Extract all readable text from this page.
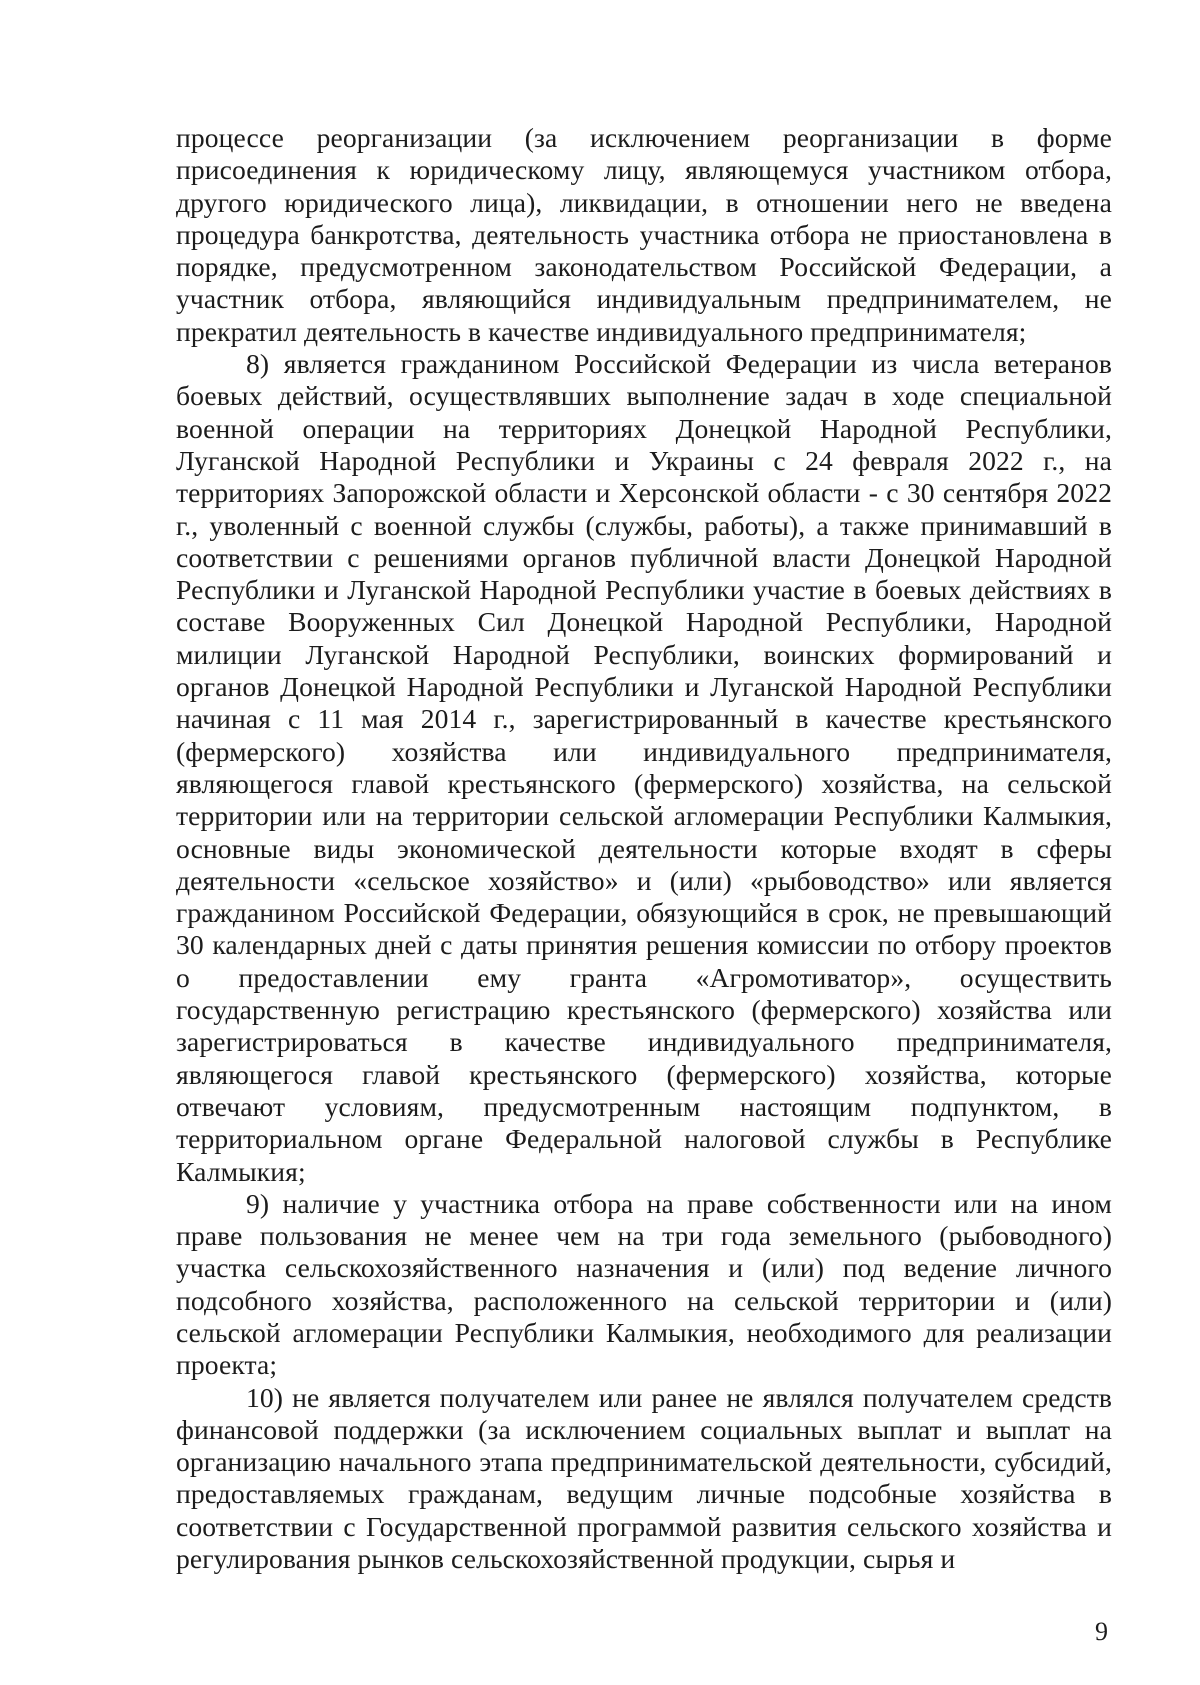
процессе реорганизации (за исключением реорганизации в форме присоединения к юридическому лицу, являющемуся участником отбора, другого юридического лица), ликвидации, в отношении него не введена процедура банкротства, деятельность участника отбора не приостановлена в порядке, предусмотренном законодательством Российской Федерации, а участник отбора, являющийся индивидуальным предпринимателем, не прекратил деятельность в качестве индивидуального предпринимателя;

8) является гражданином Российской Федерации из числа ветеранов боевых действий, осуществлявших выполнение задач в ходе специальной военной операции на территориях Донецкой Народной Республики, Луганской Народной Республики и Украины с 24 февраля 2022 г., на территориях Запорожской области и Херсонской области - с 30 сентября 2022 г., уволенный с военной службы (службы, работы), а также принимавший в соответствии с решениями органов публичной власти Донецкой Народной Республики и Луганской Народной Республики участие в боевых действиях в составе Вооруженных Сил Донецкой Народной Республики, Народной милиции Луганской Народной Республики, воинских формирований и органов Донецкой Народной Республики и Луганской Народной Республики начиная с 11 мая 2014 г., зарегистрированный в качестве крестьянского (фермерского) хозяйства или индивидуального предпринимателя, являющегося главой крестьянского (фермерского) хозяйства, на сельской территории или на территории сельской агломерации Республики Калмыкия, основные виды экономической деятельности которые входят в сферы деятельности «сельское хозяйство» и (или) «рыбоводство» или является гражданином Российской Федерации, обязующийся в срок, не превышающий 30 календарных дней с даты принятия решения комиссии по отбору проектов о предоставлении ему гранта «Агромотиватор», осуществить государственную регистрацию крестьянского (фермерского) хозяйства или зарегистрироваться в качестве индивидуального предпринимателя, являющегося главой крестьянского (фермерского) хозяйства, которые отвечают условиям, предусмотренным настоящим подпунктом, в территориальном органе Федеральной налоговой службы в Республике Калмыкия;

9) наличие у участника отбора на праве собственности или на ином праве пользования не менее чем на три года земельного (рыбоводного) участка сельскохозяйственного назначения и (или) под ведение личного подсобного хозяйства, расположенного на сельской территории и (или) сельской агломерации Республики Калмыкия, необходимого для реализации проекта;

10) не является получателем или ранее не являлся получателем средств финансовой поддержки (за исключением социальных выплат и выплат на организацию начального этапа предпринимательской деятельности, субсидий, предоставляемых гражданам, ведущим личные подсобные хозяйства в соответствии с Государственной программой развития сельского хозяйства и регулирования рынков сельскохозяйственной продукции, сырья и

9
